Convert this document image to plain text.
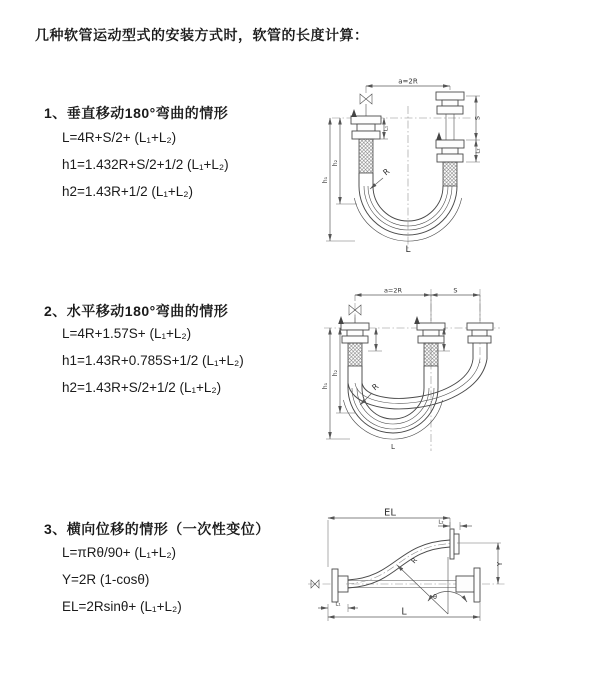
几种软管运动型式的安装方式时，软管的长度计算：
1、垂直移动180°弯曲的情形
L=4R+S/2+ (L₁+L₂)
h1=1.432R+S/2+1/2 (L₁+L₂)
h2=1.43R+1/2 (L₁+L₂)
2、水平移动180°弯曲的情形
L=4R+1.57S+ (L₁+L₂)
h1=1.43R+0.785S+1/2 (L₁+L₂)
h2=1.43R+S/2+1/2 (L₁+L₂)
3、横向位移的情形（一次性变位）
L=πRθ/90+ (L₁+L₂)
Y=2R (1-cosθ)
EL=2Rsinθ+ (L₁+L₂)
a=2R
h₁
h₂
L₁
S
L₂
R
L
a=2R	S
h₁
h₂
R
L
θ
R
EL
L₂
Y
L
L₁
